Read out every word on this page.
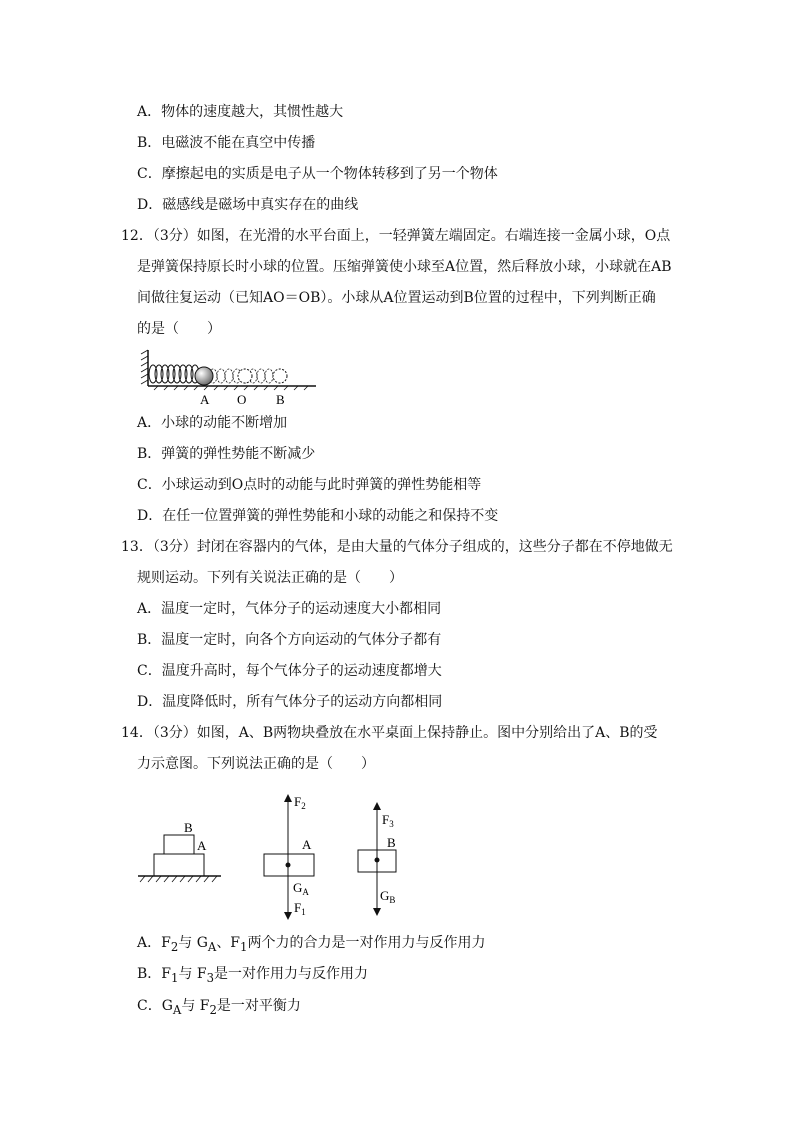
A．物体的速度越大，其惯性越大
B．电磁波不能在真空中传播
C．摩擦起电的实质是电子从一个物体转移到了另一个物体
D．磁感线是磁场中真实存在的曲线
12．（3分）如图，在光滑的水平台面上，一轻弹簧左端固定。右端连接一金属小球，O点
是弹簧保持原长时小球的位置。压缩弹簧使小球至A位置，然后释放小球，小球就在AB
间做往复运动（已知AO＝OB）。小球从A位置运动到B位置的过程中，下列判断正确
的是（　　）
A O B
A．小球的动能不断增加
B．弹簧的弹性势能不断减少
C．小球运动到O点时的动能与此时弹簧的弹性势能相等
D．在任一位置弹簧的弹性势能和小球的动能之和保持不变
13．（3分）封闭在容器内的气体，是由大量的气体分子组成的，这些分子都在不停地做无
规则运动。下列有关说法正确的是（　　）
A．温度一定时，气体分子的运动速度大小都相同
B．温度一定时，向各个方向运动的气体分子都有
C．温度升高时，每个气体分子的运动速度都增大
D．温度降低时，所有气体分子的运动方向都相同
14．（3分）如图，A、B两物块叠放在水平桌面上保持静止。图中分别给出了A、B的受
力示意图。下列说法正确的是（　　）
B
A
$F_2$
A
$G_A$
$F_1$
$F_3$
B
$G_B$
A．$F_2$与 $G_A$、$F_1$两个力的合力是一对作用力与反作用力
B．$F_1$与 $F_3$是一对作用力与反作用力
C．$G_A$与 $F_2$是一对平衡力
